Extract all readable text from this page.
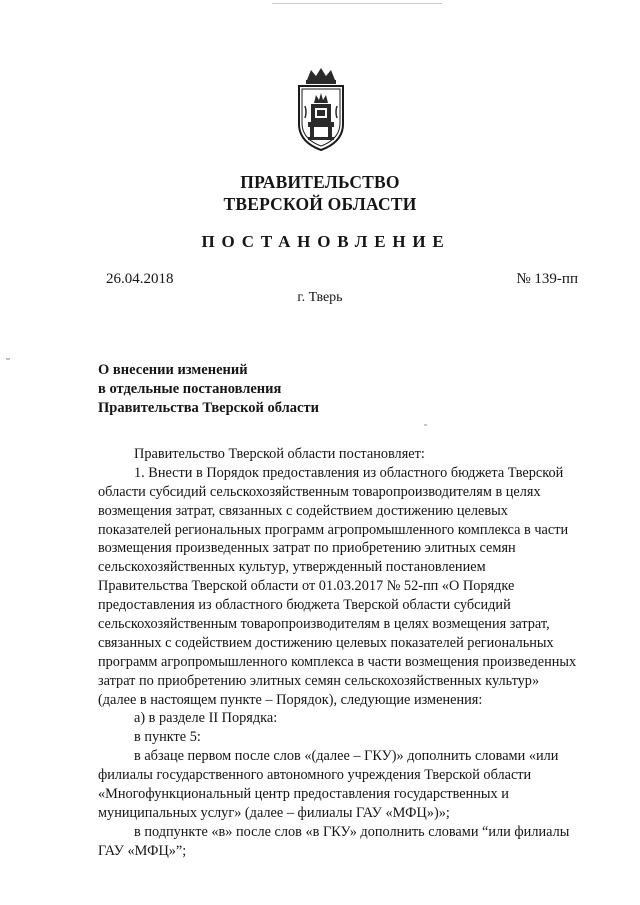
ПРАВИТЕЛЬСТВО
ТВЕРСКОЙ ОБЛАСТИ
ПОСТАНОВЛЕНИЕ
26.04.2018	№ 139-пп
г. Тверь
О внесении изменений
в отдельные постановления
Правительства Тверской области
Правительство Тверской области постановляет:
1. Внести в Порядок предоставления из областного бюджета Тверской
области субсидий сельскохозяйственным товаропроизводителям в целях
возмещения затрат, связанных с содействием достижению целевых
показателей региональных программ агропромышленного комплекса в части
возмещения произведенных затрат по приобретению элитных семян
сельскохозяйственных культур, утвержденный постановлением
Правительства Тверской области от 01.03.2017 № 52-пп «О Порядке
предоставления из областного бюджета Тверской области субсидий
сельскохозяйственным товаропроизводителям в целях возмещения затрат,
связанных с содействием достижению целевых показателей региональных
программ агропромышленного комплекса в части возмещения произведенных
затрат по приобретению элитных семян сельскохозяйственных культур»
(далее в настоящем пункте – Порядок), следующие изменения:
а) в разделе II Порядка:
в пункте 5:
в абзаце первом после слов «(далее – ГКУ)» дополнить словами «или
филиалы государственного автономного учреждения Тверской области
«Многофункциональный центр предоставления государственных и
муниципальных услуг» (далее – филиалы ГАУ «МФЦ»)»;
в подпункте «в» после слов «в ГКУ» дополнить словами “или филиалы
ГАУ «МФЦ»”;
